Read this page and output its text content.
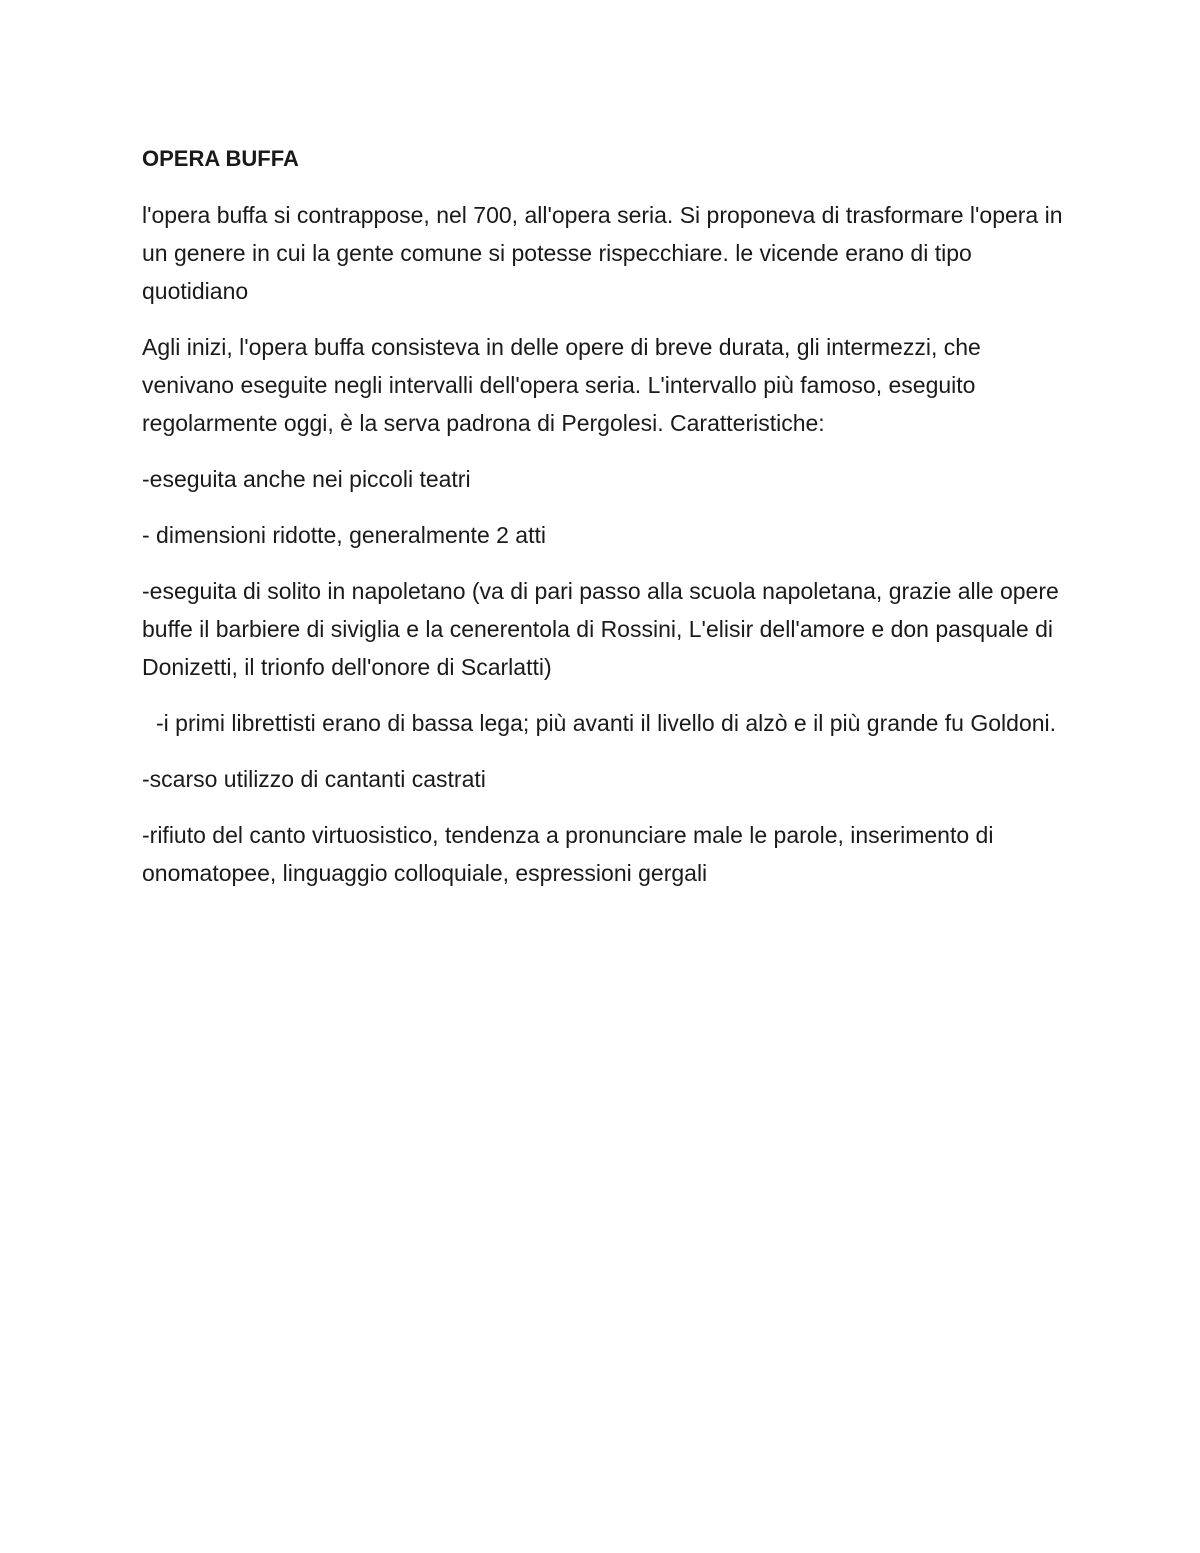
OPERA BUFFA

l'opera buffa si contrappose, nel 700, all'opera seria. Si proponeva di trasformare l'opera in un genere in cui la gente comune si potesse rispecchiare. le vicende erano di tipo quotidiano

Agli inizi, l'opera buffa consisteva in delle opere di breve durata, gli intermezzi, che venivano eseguite negli intervalli dell'opera seria. L'intervallo più famoso, eseguito regolarmente oggi, è la serva padrona di Pergolesi. Caratteristiche:

-eseguita anche nei piccoli teatri

- dimensioni ridotte, generalmente 2 atti

-eseguita di solito in napoletano (va di pari passo alla scuola napoletana, grazie alle opere buffe il barbiere di siviglia e la cenerentola di Rossini, L'elisir dell'amore e don pasquale di Donizetti, il trionfo dell'onore di Scarlatti)

-i primi librettisti erano di bassa lega; più avanti il livello di alzò e il più grande fu Goldoni.

-scarso utilizzo di cantanti castrati

-rifiuto del canto virtuosistico, tendenza a pronunciare male le parole, inserimento di onomatopee, linguaggio colloquiale, espressioni gergali
